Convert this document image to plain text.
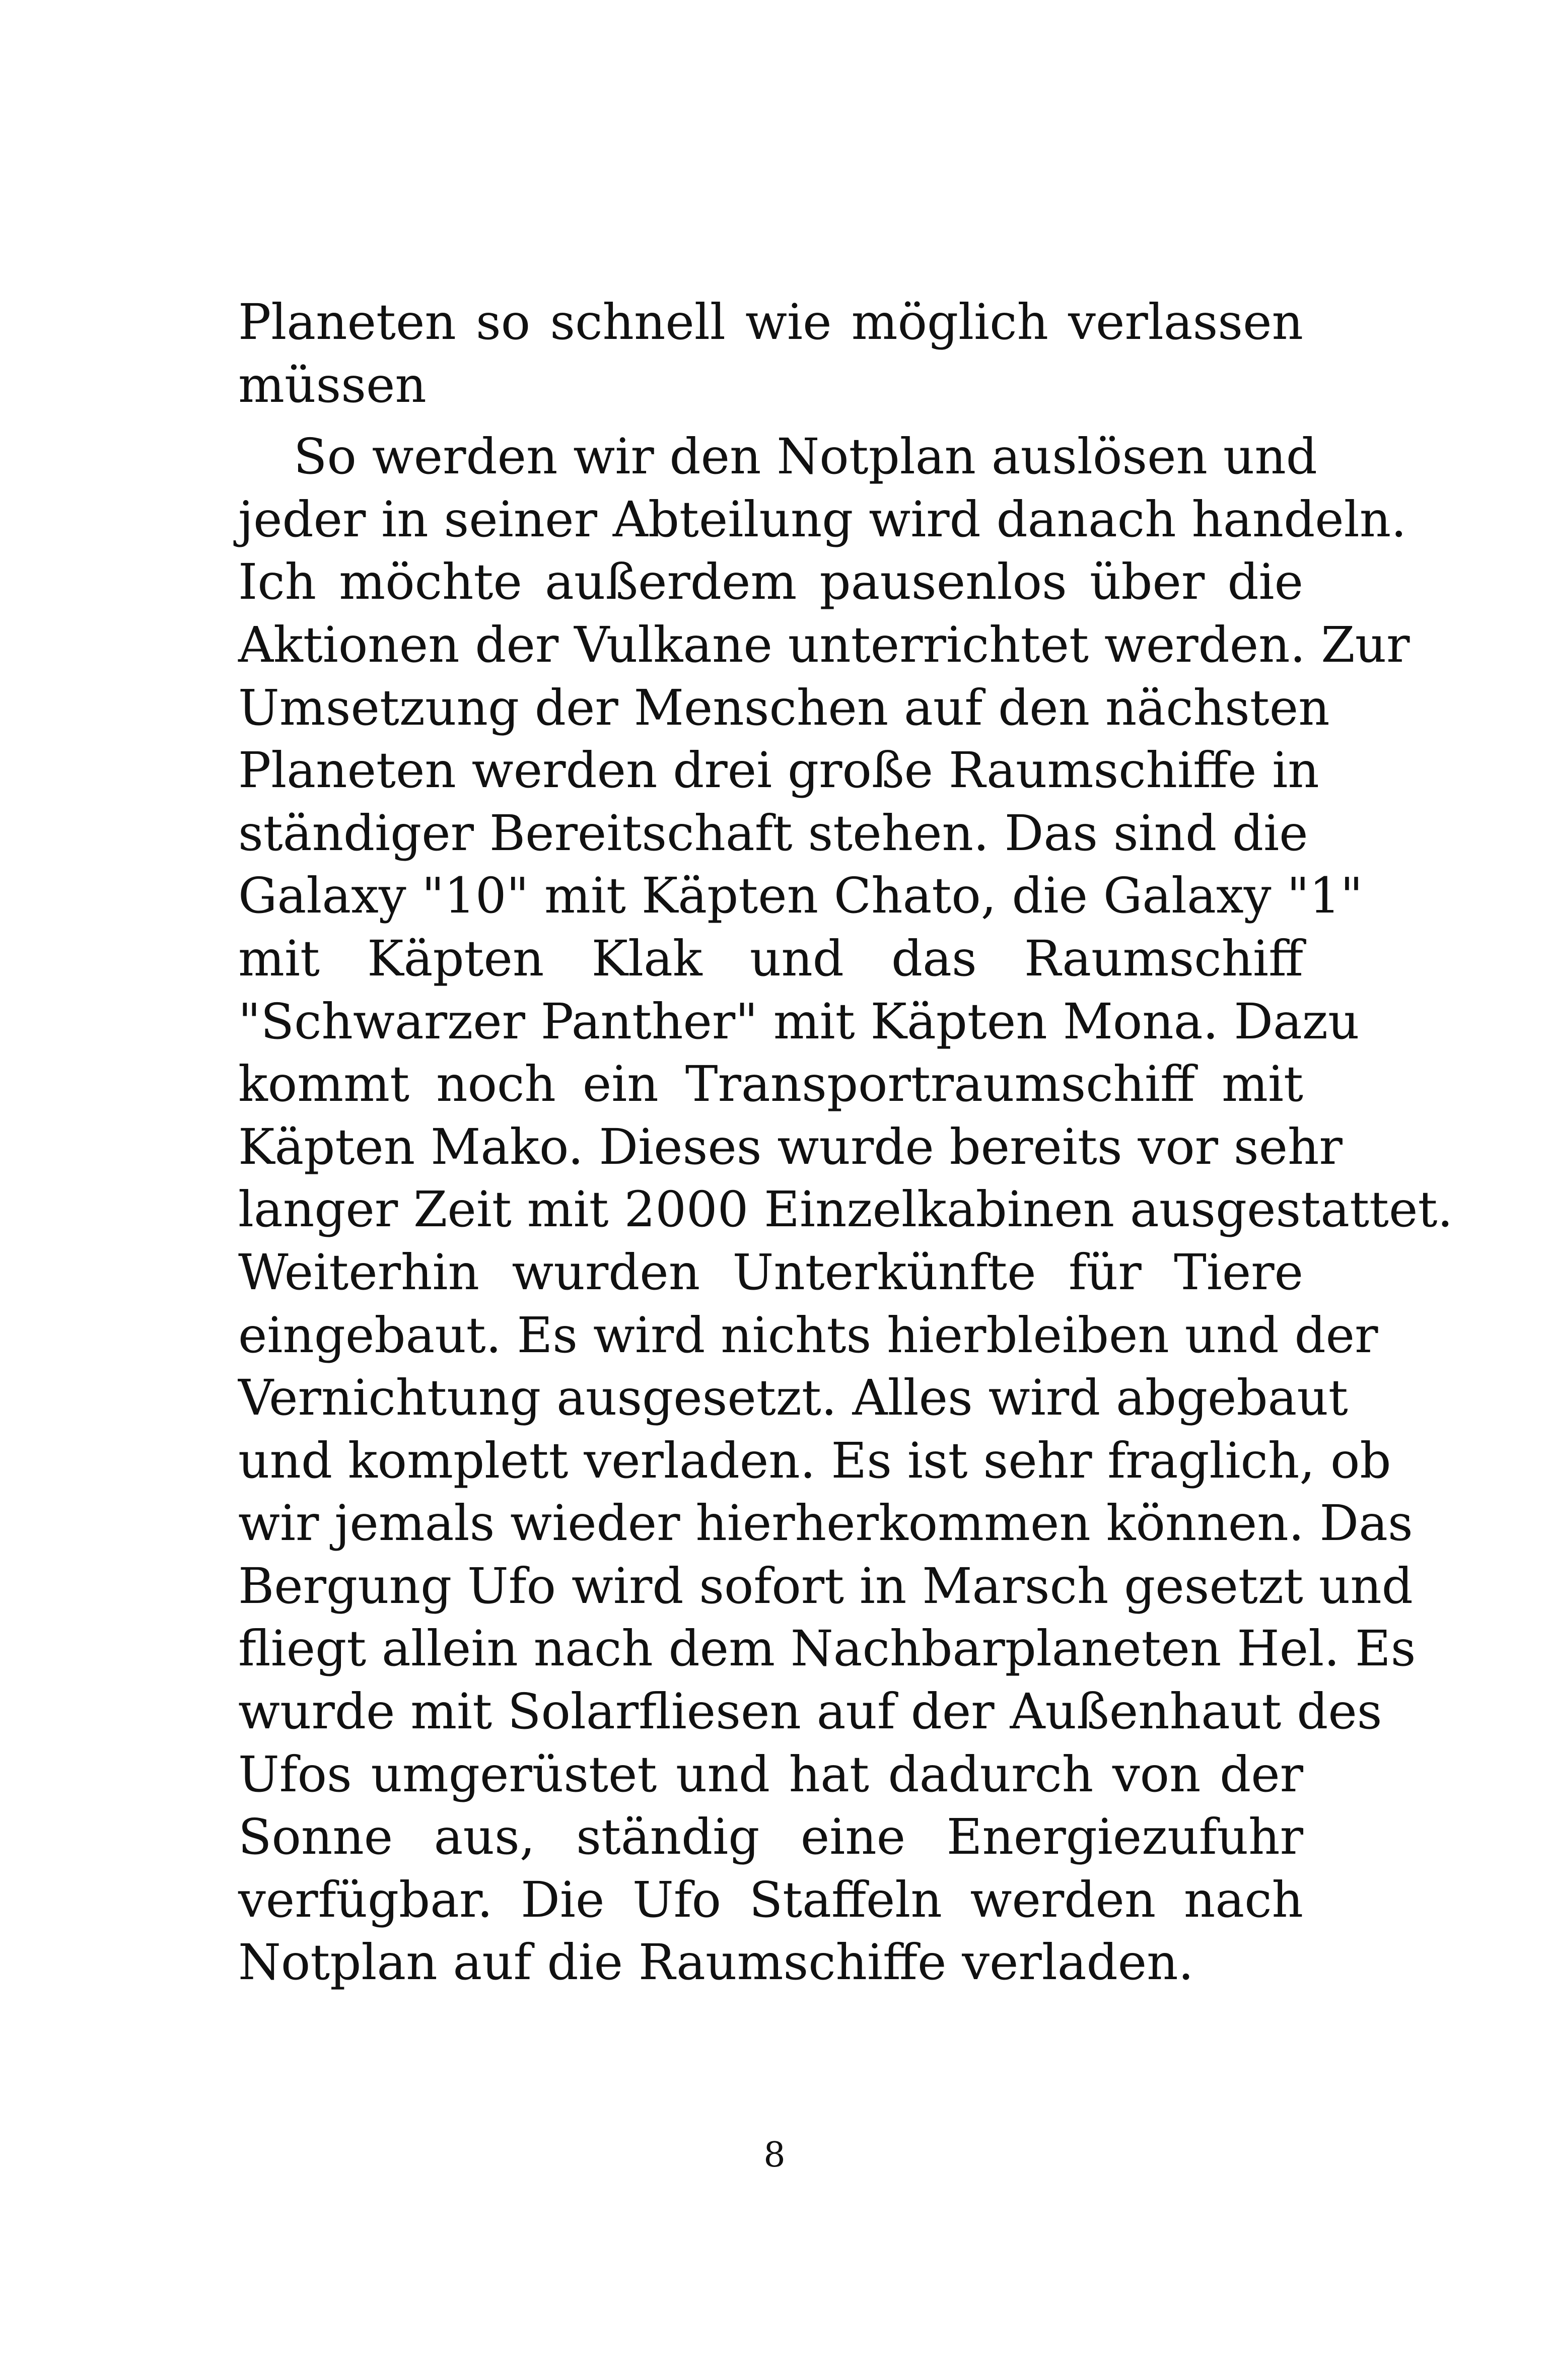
Planeten so schnell wie möglich verlassen
müssen
So werden wir den Notplan auslösen und
jeder in seiner Abteilung wird danach handeln.
Ich möchte außerdem pausenlos über die
Aktionen der Vulkane unterrichtet werden. Zur
Umsetzung der Menschen auf den nächsten
Planeten werden drei große Raumschiffe in
ständiger Bereitschaft stehen. Das sind die
Galaxy "10" mit Käpten Chato, die Galaxy "1"
mit Käpten Klak und das Raumschiff
"Schwarzer Panther" mit Käpten Mona. Dazu
kommt noch ein Transportraumschiff mit
Käpten Mako. Dieses wurde bereits vor sehr
langer Zeit mit 2000 Einzelkabinen ausgestattet.
Weiterhin wurden Unterkünfte für Tiere
eingebaut. Es wird nichts hierbleiben und der
Vernichtung ausgesetzt. Alles wird abgebaut
und komplett verladen. Es ist sehr fraglich, ob
wir jemals wieder hierherkommen können. Das
Bergung Ufo wird sofort in Marsch gesetzt und
fliegt allein nach dem Nachbarplaneten Hel. Es
wurde mit Solarfliesen auf der Außenhaut des
Ufos umgerüstet und hat dadurch von der
Sonne aus, ständig eine Energiezufuhr
verfügbar. Die Ufo Staffeln werden nach
Notplan auf die Raumschiffe verladen.
8
